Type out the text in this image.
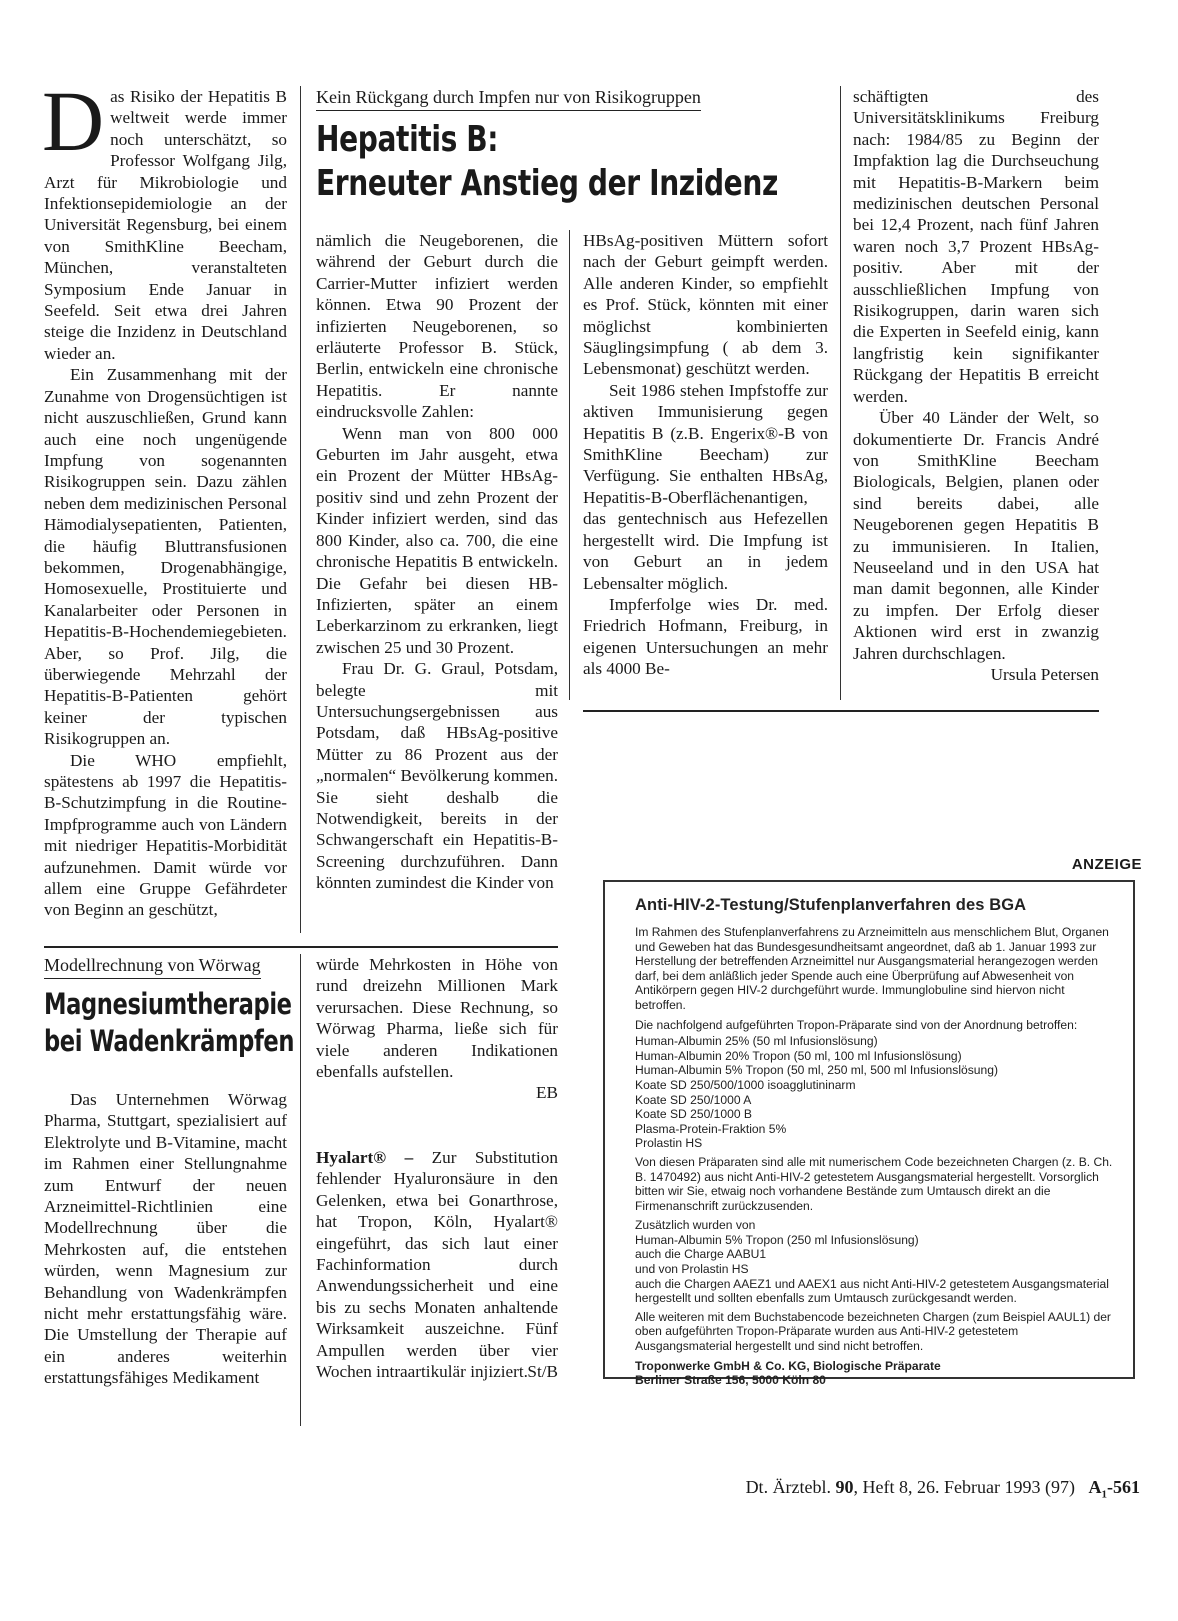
Das Risiko der Hepatitis B weltweit werde immer noch unterschätzt, so Professor Wolfgang Jilg, Arzt für Mikrobiologie und Infektionsepidemiologie an der Universität Regensburg, bei einem von SmithKline Beecham, München, veranstalteten Symposium Ende Januar in Seefeld. Seit etwa drei Jahren steige die Inzidenz in Deutschland wieder an.

Ein Zusammenhang mit der Zunahme von Drogensüchtigen ist nicht auszuschließen, Grund kann auch eine noch ungenügende Impfung von sogenannten Risikogruppen sein. Dazu zählen neben dem medizinischen Personal Hämodialysepatienten, Patienten, die häufig Bluttransfusionen bekommen, Drogenabhängige, Homosexuelle, Prostituierte und Kanalarbeiter oder Personen in Hepatitis-B-Hochendemiegebieten. Aber, so Prof. Jilg, die überwiegende Mehrzahl der Hepatitis-B-Patienten gehört keiner der typischen Risikogruppen an.

Die WHO empfiehlt, spätestens ab 1997 die Hepatitis-B-Schutzimpfung in die Routine-Impfprogramme auch von Ländern mit niedriger Hepatitis-Morbidität aufzunehmen. Damit würde vor allem eine Gruppe Gefährdeter von Beginn an geschützt,

Kein Rückgang durch Impfen nur von Risikogruppen
Hepatitis B:
Erneuter Anstieg der Inzidenz

nämlich die Neugeborenen, die während der Geburt durch die Carrier-Mutter infiziert werden können. Etwa 90 Prozent der infizierten Neugeborenen, so erläuterte Professor B. Stück, Berlin, entwickeln eine chronische Hepatitis. Er nannte eindrucksvolle Zahlen:

Wenn man von 800 000 Geburten im Jahr ausgeht, etwa ein Prozent der Mütter HBsAg-positiv sind und zehn Prozent der Kinder infiziert werden, sind das 800 Kinder, also ca. 700, die eine chronische Hepatitis B entwickeln. Die Gefahr bei diesen HB-Infizierten, später an einem Leberkarzinom zu erkranken, liegt zwischen 25 und 30 Prozent.

Frau Dr. G. Graul, Potsdam, belegte mit Untersuchungsergebnissen aus Potsdam, daß HBsAg-positive Mütter zu 86 Prozent aus der „normalen“ Bevölkerung kommen. Sie sieht deshalb die Notwendigkeit, bereits in der Schwangerschaft ein Hepatitis-B-Screening durchzuführen. Dann könnten zumindest die Kinder von

HBsAg-positiven Müttern sofort nach der Geburt geimpft werden. Alle anderen Kinder, so empfiehlt es Prof. Stück, könnten mit einer möglichst kombinierten Säuglingsimpfung ( ab dem 3. Lebensmonat) geschützt werden.

Seit 1986 stehen Impfstoffe zur aktiven Immunisierung gegen Hepatitis B (z.B. Engerix®-B von SmithKline Beecham) zur Verfügung. Sie enthalten HBsAg, Hepatitis-B-Oberflächenantigen, das gentechnisch aus Hefezellen hergestellt wird. Die Impfung ist von Geburt an in jedem Lebensalter möglich.

Impferfolge wies Dr. med. Friedrich Hofmann, Freiburg, in eigenen Untersuchungen an mehr als 4000 Be-

schäftigten des Universitätsklinikums Freiburg nach: 1984/85 zu Beginn der Impfaktion lag die Durchseuchung mit Hepatitis-B-Markern beim medizinischen deutschen Personal bei 12,4 Prozent, nach fünf Jahren waren noch 3,7 Prozent HBsAg-positiv. Aber mit der ausschließlichen Impfung von Risikogruppen, darin waren sich die Experten in Seefeld einig, kann langfristig kein signifikanter Rückgang der Hepatitis B erreicht werden.

Über 40 Länder der Welt, so dokumentierte Dr. Francis André von SmithKline Beecham Biologicals, Belgien, planen oder sind bereits dabei, alle Neugeborenen gegen Hepatitis B zu immunisieren. In Italien, Neuseeland und in den USA hat man damit begonnen, alle Kinder zu impfen. Der Erfolg dieser Aktionen wird erst in zwanzig Jahren durchschlagen.

Ursula Petersen

Modellrechnung von Wörwag
Magnesiumtherapie
bei Wadenkrämpfen

Das Unternehmen Wörwag Pharma, Stuttgart, spezialisiert auf Elektrolyte und B-Vitamine, macht im Rahmen einer Stellungnahme zum Entwurf der neuen Arzneimittel-Richtlinien eine Modellrechnung über die Mehrkosten auf, die entstehen würden, wenn Magnesium zur Behandlung von Wadenkrämpfen nicht mehr erstattungsfähig wäre. Die Umstellung der Therapie auf ein anderes weiterhin erstattungsfähiges Medikament

würde Mehrkosten in Höhe von rund dreizehn Millionen Mark verursachen. Diese Rechnung, so Wörwag Pharma, ließe sich für viele anderen Indikationen ebenfalls aufstellen.

EB

Hyalart® – Zur Substitution fehlender Hyaluronsäure in den Gelenken, etwa bei Gonarthrose, hat Tropon, Köln, Hyalart® eingeführt, das sich laut einer Fachinformation durch Anwendungssicherheit und eine bis zu sechs Monaten anhaltende Wirksamkeit auszeichne. Fünf Ampullen werden über vier Wochen intraartikulär injiziert. St/B

ANZEIGE
Anti-HIV-2-Testung/Stufenplanverfahren des BGA

Im Rahmen des Stufenplanverfahrens zu Arzneimitteln aus menschlichem Blut, Organen und Geweben hat das Bundesgesundheitsamt angeordnet, daß ab 1. Januar 1993 zur Herstellung der betreffenden Arzneimittel nur Ausgangsmaterial herangezogen werden darf, bei dem anläßlich jeder Spende auch eine Überprüfung auf Abwesenheit von Antikörpern gegen HIV-2 durchgeführt wurde. Immunglobuline sind hiervon nicht betroffen.

Die nachfolgend aufgeführten Tropon-Präparate sind von der Anordnung betroffen:

Human-Albumin 25% (50 ml Infusionslösung)
Human-Albumin 20% Tropon (50 ml, 100 ml Infusionslösung)
Human-Albumin 5% Tropon (50 ml, 250 ml, 500 ml Infusionslösung)
Koate SD 250/500/1000 isoagglutininarm
Koate SD 250/1000 A
Koate SD 250/1000 B
Plasma-Protein-Fraktion 5%
Prolastin HS

Von diesen Präparaten sind alle mit numerischem Code bezeichneten Chargen (z. B. Ch. B. 1470492) aus nicht Anti-HIV-2 getestetem Ausgangsmaterial hergestellt. Vorsorglich bitten wir Sie, etwaig noch vorhandene Bestände zum Umtausch direkt an die Firmenanschrift zurückzusenden.

Zusätzlich wurden von
Human-Albumin 5% Tropon (250 ml Infusionslösung)
auch die Charge AABU1
und von Prolastin HS
auch die Chargen AAEZ1 und AAEX1 aus nicht Anti-HIV-2 getestetem Ausgangsmaterial hergestellt und sollten ebenfalls zum Umtausch zurückgesandt werden.

Alle weiteren mit dem Buchstabencode bezeichneten Chargen (zum Beispiel AAUL1) der oben aufgeführten Tropon-Präparate wurden aus Anti-HIV-2 getestetem Ausgangsmaterial hergestellt und sind nicht betroffen.

Troponwerke GmbH & Co. KG, Biologische Präparate

Berliner Straße 156, 5000 Köln 80

Dt. Ärztebl. 90, Heft 8, 26. Februar 1993 (97) $A_1-561$
